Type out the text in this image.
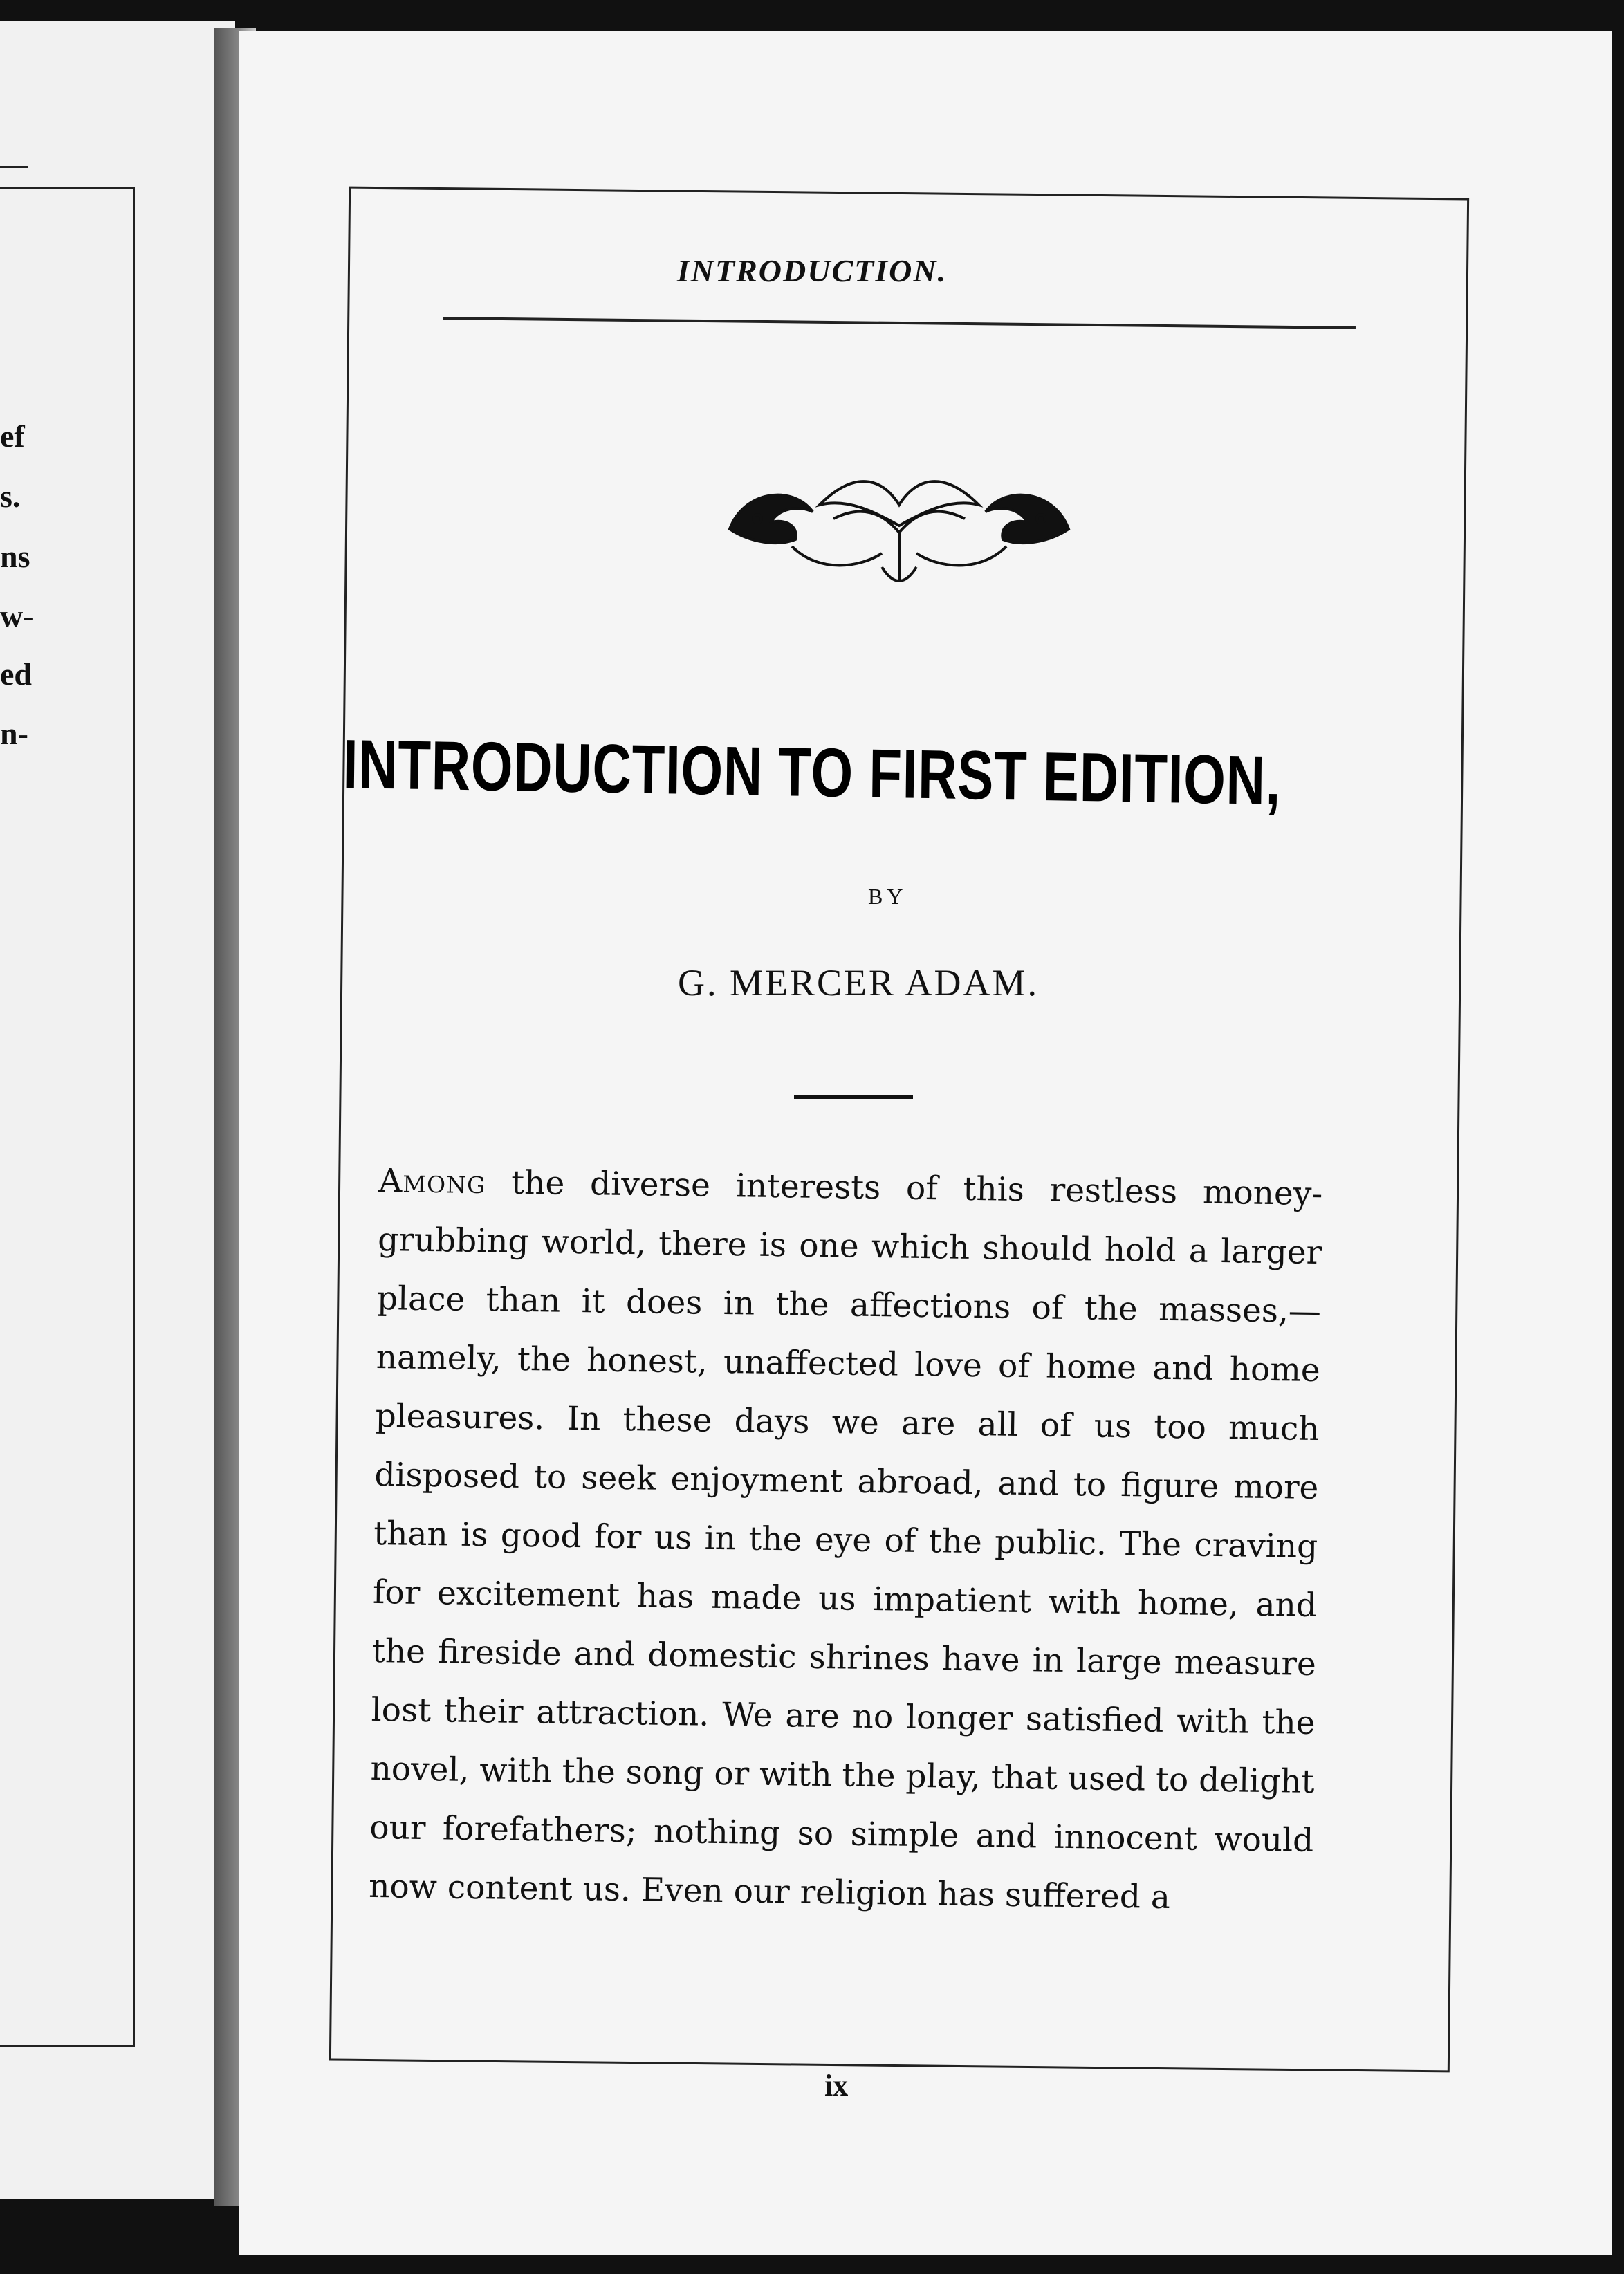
ef
s.
ns
w-
ed
n-
INTRODUCTION.
INTRODUCTION TO FIRST EDITION,
BY
G. MERCER ADAM.
Among the diverse interests of this restless money-grubbing world, there is one which should hold a larger place than it does in the affections of the masses,—namely, the honest, unaffected love of home and home pleasures. In these days we are all of us too much disposed to seek enjoyment abroad, and to figure more than is good for us in the eye of the public. The craving for excitement has made us impatient with home, and the fireside and domestic shrines have in large measure lost their attraction. We are no longer satisfied with the novel, with the song or with the play, that used to delight our forefathers; nothing so simple and innocent would now content us. Even our religion has suffered a
ix
